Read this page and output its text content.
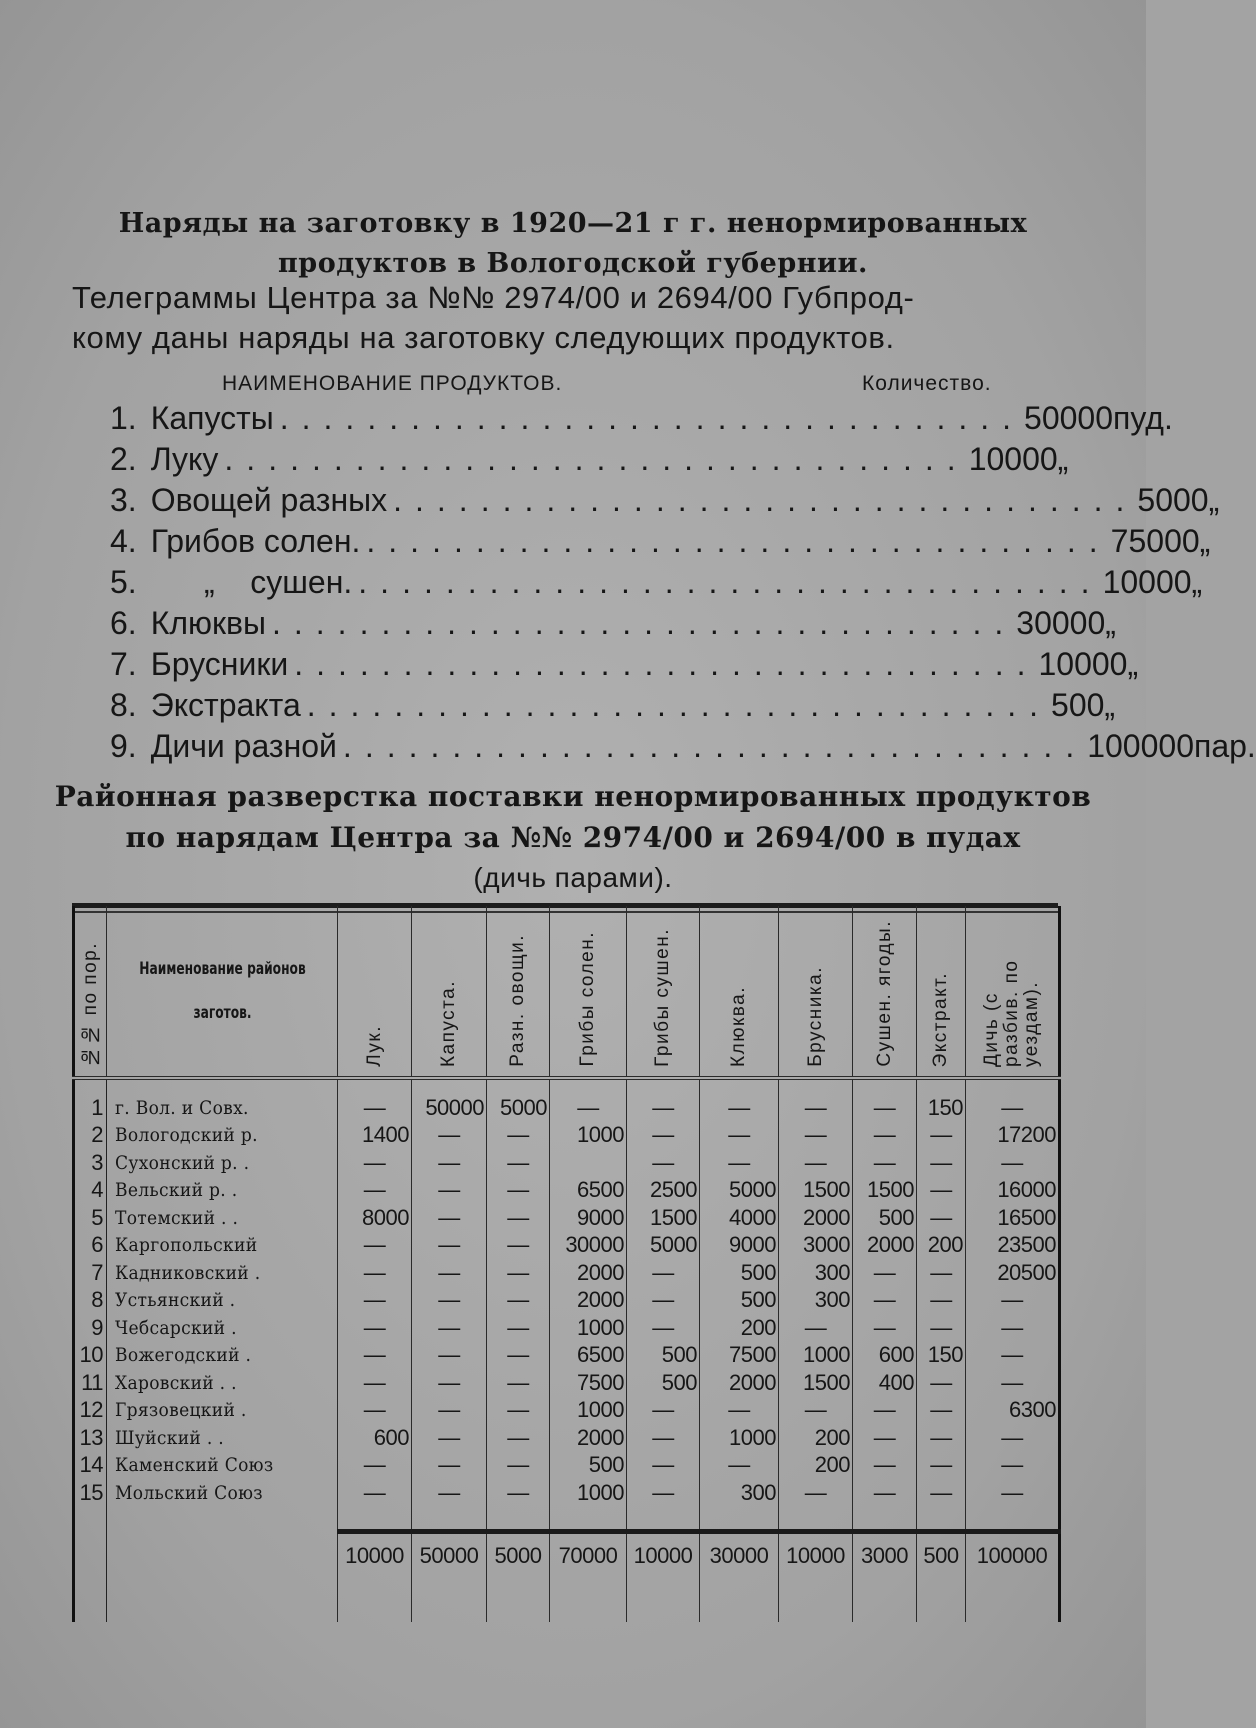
Наряды на заготовку в 1920—21 г г. ненормированных
продуктов в Вологодской губернии.
Телеграммы Центра за №№ 2974/00 и 2694/00 Губпрод-
кому даны наряды на заготовку следующих продуктов.
НАИМЕНОВАНИЕ ПРОДУКТОВ.	Количество.
1. Капусты .................................. 50000 пуд.
2. Луку .................................. 10000 „
3. Овощей разных .................................. 5000 „
4. Грибов солен. .................................. 75000 „
5. „    сушен. .................................. 10000 „
6. Клюквы .................................. 30000 „
7. Брусники .................................. 10000 „
8. Экстракта .................................. 500 „
9. Дичи разной .................................. 100000 пар.
Районная разверстка поставки ненормированных продуктов
по нарядам Центра за №№ 2974/00 и 2694/00 в пудах
(дичь парами).
№№ по пор.	Наименование районов заготов.	Лук.	Капуста.	Разн. овощи.	Грибы солен.	Грибы сушен.	Клюква.	Брусника.	Сушен. ягоды.	Экстракт.	Дичь (с разбив. по уездам).
1	г. Вол. и Совх.	—	50000	5000	—	—	—	—	—	150	—
2	Вологодский р.	1400	—	—	1000	—	—	—	—	—	17200
3	Сухонский р. .	—	—	—		—	—	—	—	—	—
4	Вельский р. .	—	—	—	6500	2500	5000	1500	1500	—	16000
5	Тотемский . .	8000	—	—	9000	1500	4000	2000	500	—	16500
6	Каргопольский	—	—	—	30000	5000	9000	3000	2000	200	23500
7	Кадниковский .	—	—	—	2000	—	500	300	—	—	20500
8	Устьянский .	—	—	—	2000	—	500	300	—	—	—
9	Чебсарский .	—	—	—	1000	—	200	—	—	—	—
10	Вожегодский .	—	—	—	6500	500	7500	1000	600	150	—
11	Харовский . .	—	—	—	7500	500	2000	1500	400	—	—
12	Грязовецкий .	—	—	—	1000	—	—	—	—	—	6300
13	Шуйский . .	600	—	—	2000	—	1000	200	—	—	—
14	Каменский Союз	—	—	—	500	—	—	200	—	—	—
15	Мольский Союз	—	—	—	1000	—	300	—	—	—	—

		10000	50000	5000	70000	10000	30000	10000	3000	500	100000
